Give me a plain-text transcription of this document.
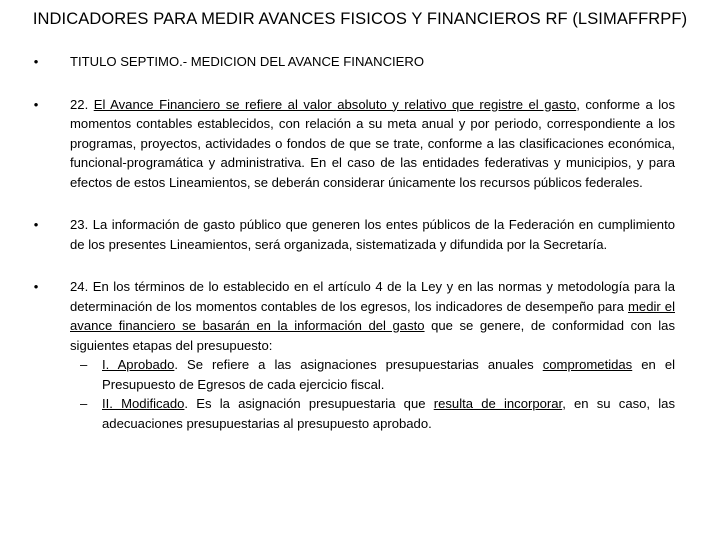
INDICADORES PARA MEDIR AVANCES FISICOS Y FINANCIEROS RF (LSIMAFFRPF)
• TITULO SEPTIMO.- MEDICION DEL AVANCE FINANCIERO

• 22. El Avance Financiero se refiere al valor absoluto y relativo que registre el gasto, conforme a los momentos contables establecidos, con relación a su meta anual y por periodo, correspondiente a los programas, proyectos, actividades o fondos de que se trate, conforme a las clasificaciones económica, funcional-programática y administrativa. En el caso de las entidades federativas y municipios, y para efectos de estos Lineamientos, se deberán considerar únicamente los recursos públicos federales.

• 23. La información de gasto público que generen los entes públicos de la Federación en cumplimiento de los presentes Lineamientos, será organizada, sistematizada y difundida por la Secretaría.

• 24. En los términos de lo establecido en el artículo 4 de la Ley y en las normas y metodología para la determinación de los momentos contables de los egresos, los indicadores de desempeño para medir el avance financiero se basarán en la información del gasto que se genere, de conformidad con las siguientes etapas del presupuesto:

– I. Aprobado. Se refiere a las asignaciones presupuestarias anuales comprometidas en el Presupuesto de Egresos de cada ejercicio fiscal.
– II. Modificado. Es la asignación presupuestaria que resulta de incorporar, en su caso, las adecuaciones presupuestarias al presupuesto aprobado.
